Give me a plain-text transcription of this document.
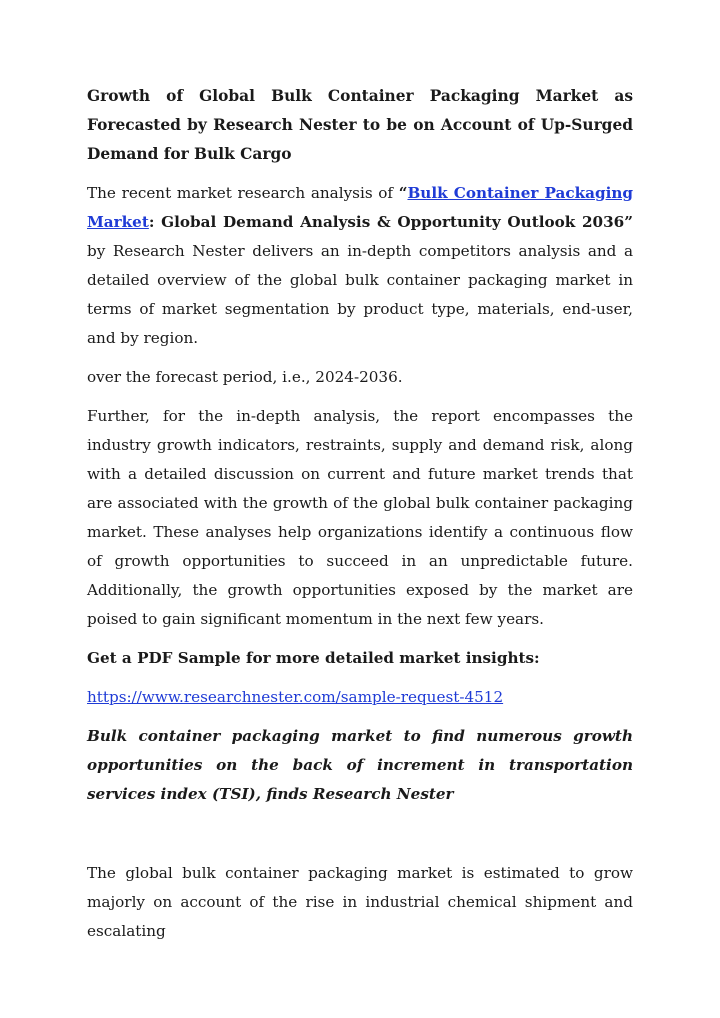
Growth of Global Bulk Container Packaging Market as Forecasted by Research Nester to be on Account of Up-Surged Demand for Bulk Cargo

The recent market research analysis of “Bulk Container Packaging Market: Global Demand Analysis & Opportunity Outlook 2036” by Research Nester delivers an in-depth competitors analysis and a detailed overview of the global bulk container packaging market in terms of market segmentation by product type, materials, end-user, and by region.

over the forecast period, i.e., 2024-2036.

Further, for the in-depth analysis, the report encompasses the industry growth indicators, restraints, supply and demand risk, along with a detailed discussion on current and future market trends that are associated with the growth of the global bulk container packaging market. These analyses help organizations identify a continuous flow of growth opportunities to succeed in an unpredictable future. Additionally, the growth opportunities exposed by the market are poised to gain significant momentum in the next few years.

Get a PDF Sample for more detailed market insights:

https://www.researchnester.com/sample-request-4512

Bulk container packaging market to find numerous growth opportunities on the back of increment in transportation services index (TSI), finds Research Nester

The global bulk container packaging market is estimated to grow majorly on account of the rise in industrial chemical shipment and escalating
